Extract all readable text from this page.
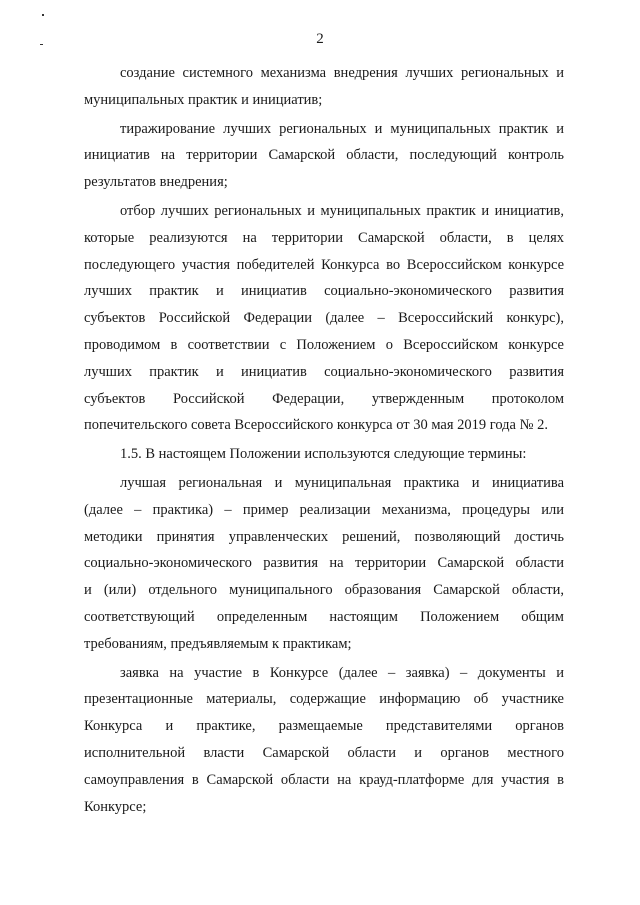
2
создание системного механизма внедрения лучших региональных и
муниципальных практик и инициатив;
тиражирование лучших региональных и муниципальных практик и
инициатив на территории Самарской области, последующий контроль
результатов внедрения;
отбор лучших региональных и муниципальных практик и инициатив,
которые реализуются на территории Самарской области, в целях
последующего участия победителей Конкурса во Всероссийском конкурсе
лучших практик и инициатив социально-экономического развития
субъектов Российской Федерации (далее – Всероссийский конкурс),
проводимом в соответствии с Положением о Всероссийском конкурсе
лучших практик и инициатив социально-экономического развития
субъектов Российской Федерации, утвержденным протоколом
попечительского совета Всероссийского конкурса от 30 мая 2019 года № 2.
1.5. В настоящем Положении используются следующие термины:
лучшая региональная и муниципальная практика и инициатива
(далее – практика) – пример реализации механизма, процедуры или
методики принятия управленческих решений, позволяющий достичь
социально-экономического развития на территории Самарской области
и (или) отдельного муниципального образования Самарской области,
соответствующий определенным настоящим Положением общим
требованиям, предъявляемым к практикам;
заявка на участие в Конкурсе (далее – заявка) – документы и
презентационные материалы, содержащие информацию об участнике
Конкурса и практике, размещаемые представителями органов
исполнительной власти Самарской области и органов местного
самоуправления в Самарской области на крауд-платформе для участия в
Конкурсе;
